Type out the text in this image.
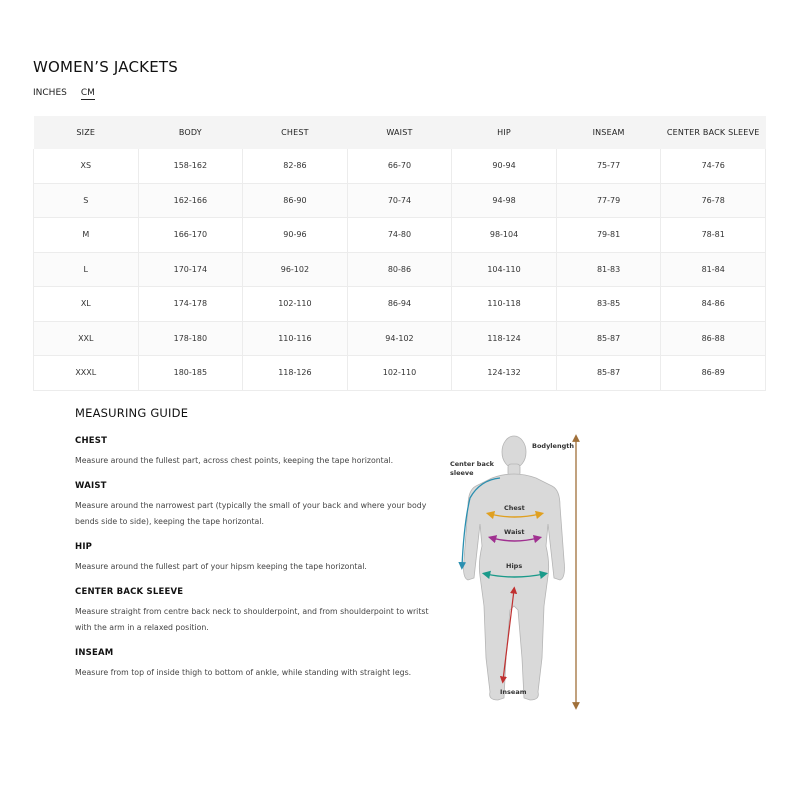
WOMEN’S JACKETS
INCHES CM
SIZE	BODY	CHEST	WAIST	HIP	INSEAM	CENTER BACK SLEEVE
XS	158-162	82-86	66-70	90-94	75-77	74-76
S	162-166	86-90	70-74	94-98	77-79	76-78
M	166-170	90-96	74-80	98-104	79-81	78-81
L	170-174	96-102	80-86	104-110	81-83	81-84
XL	174-178	102-110	86-94	110-118	83-85	84-86
XXL	178-180	110-116	94-102	118-124	85-87	86-88
XXXL	180-185	118-126	102-110	124-132	85-87	86-89
MEASURING GUIDE
CHEST
Measure around the fullest part, across chest points, keeping the tape horizontal.
WAIST
Measure around the narrowest part (typically the small of your back and where your body bends side to side), keeping the tape horizontal.
HIP
Measure around the fullest part of your hipsm keeping the tape horizontal.
CENTER BACK SLEEVE
Measure straight from centre back neck to shoulderpoint, and from shoulderpoint to writst with the arm in a relaxed position.
INSEAM
Measure from top of inside thigh to bottom of ankle, while standing with straight legs.
Bodylength
Center back
sleeve
Chest
Waist
Hips
Inseam
